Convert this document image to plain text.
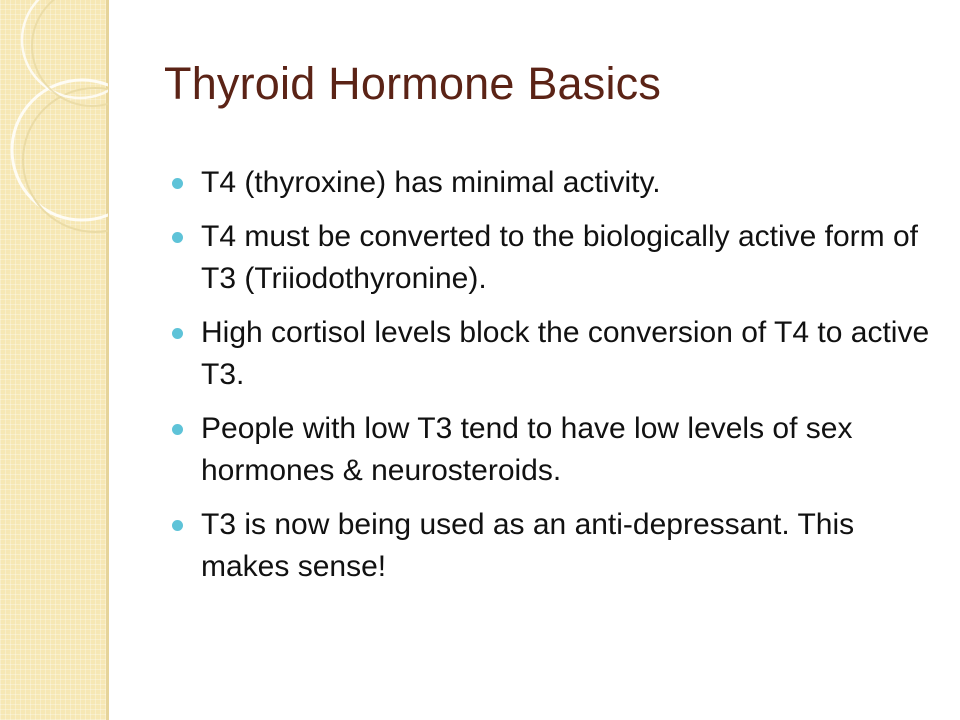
Thyroid Hormone Basics
T4 (thyroxine) has minimal activity.
T4 must be converted to the biologically active form of T3 (Triiodothyronine).
High cortisol levels block the conversion of T4 to active T3.
People with low T3 tend to have low levels of sex hormones & neurosteroids.
T3 is now being used as an anti-depressant. This makes sense!
